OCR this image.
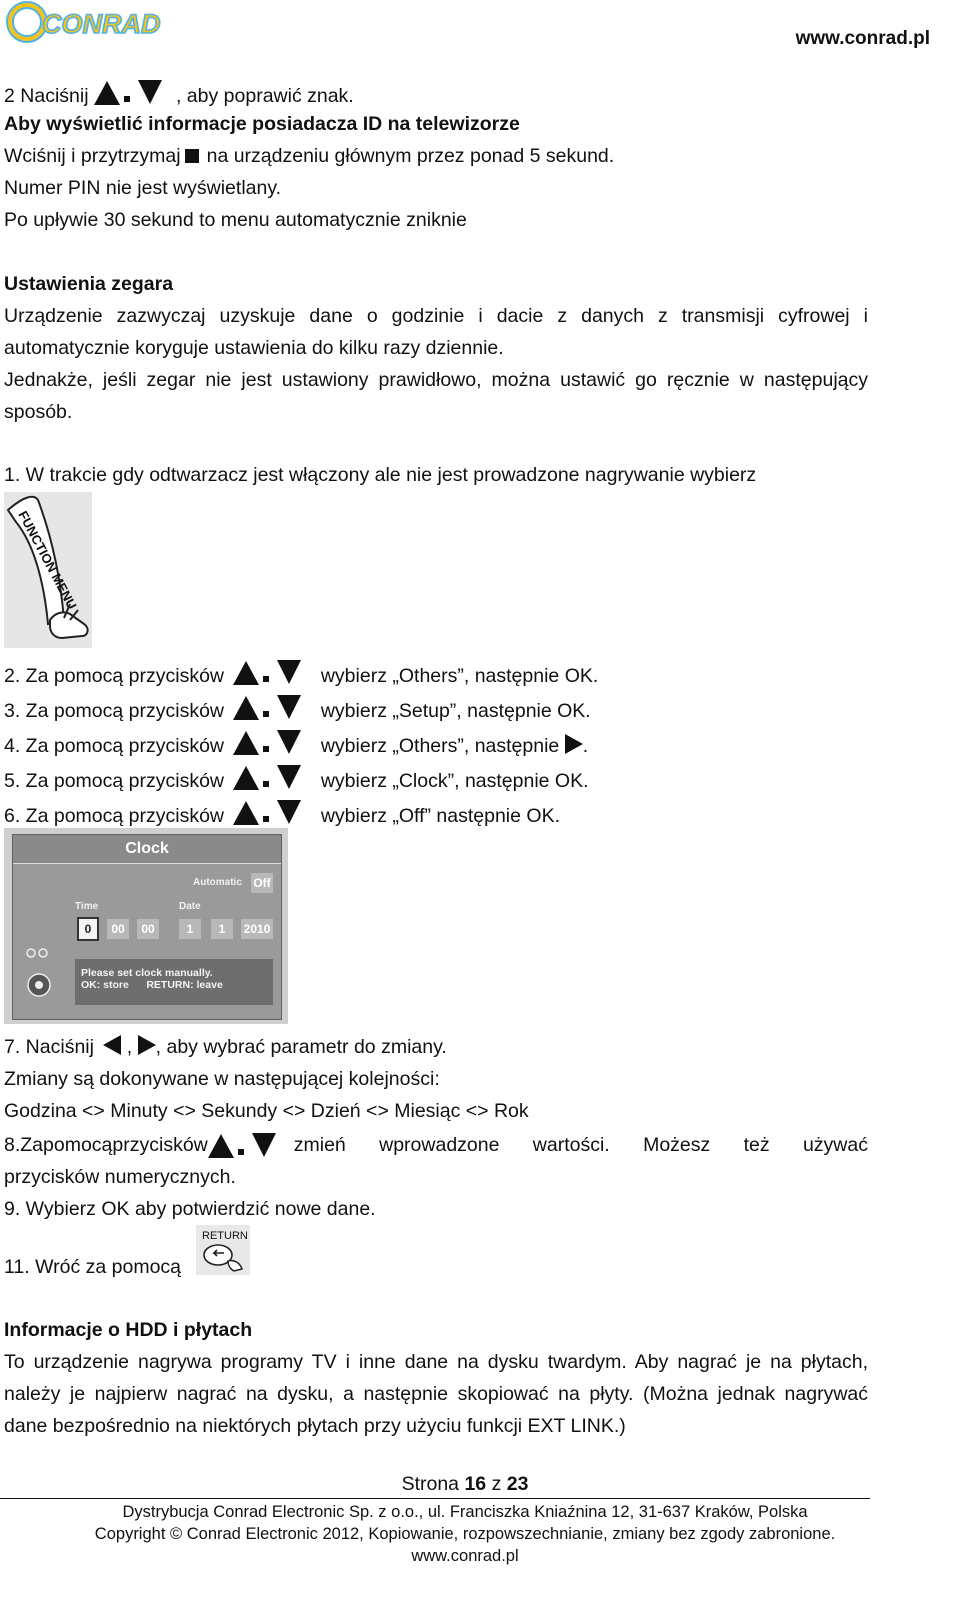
CONRAD	www.conrad.pl
2 Naciśnij	, aby poprawić znak.
Aby wyświetlić informacje posiadacza ID na telewizorze
Wciśnij i przytrzymaj na urządzeniu głównym przez ponad 5 sekund.
Numer PIN nie jest wyświetlany.
Po upływie 30 sekund to menu automatycznie zniknie
Ustawienia zegara
Urządzenie zazwyczaj uzyskuje dane o godzinie i dacie z danych z transmisji cyfrowej i
automatycznie koryguje ustawienia do kilku razy dziennie.
Jednakże, jeśli zegar nie jest ustawiony prawidłowo, można ustawić go ręcznie w następujący
sposób.
1. W trakcie gdy odtwarzacz jest włączony ale nie jest prowadzone nagrywanie wybierz
FUNCTION MENU
2. Za pomocą przycisków	wybierz „Others”, następnie OK.
3. Za pomocą przycisków	wybierz „Setup”, następnie OK.
4. Za pomocą przycisków	wybierz „Others”, następnie .
5. Za pomocą przycisków	wybierz „Clock”, następnie OK.
6. Za pomocą przycisków	wybierz „Off” następnie OK.
Clock
Automatic Off
Time	Date
0	00	00	1	1	2010
Please set clock manually.
OK: store      RETURN: leave
7. Naciśnij , , aby wybrać parametr do zmiany.
Zmiany są dokonywane w następującej kolejności:
Godzina <> Minuty <> Sekundy <> Dzień <> Miesiąc <> Rok
8. Za pomocą przycisków	zmień wprowadzone wartości. Możesz też używać
przycisków numerycznych.
9. Wybierz OK aby potwierdzić nowe dane.
11. Wróć za pomocą
RETURN
Informacje o HDD i płytach
To urządzenie nagrywa programy TV i inne dane na dysku twardym. Aby nagrać je na płytach,
należy je najpierw nagrać na dysku, a następnie skopiować na płyty. (Można jednak nagrywać
dane bezpośrednio na niektórych płytach przy użyciu funkcji EXT LINK.)
Strona 16 z 23
Dystrybucja Conrad Electronic Sp. z o.o., ul. Franciszka Kniaźnina 12, 31-637 Kraków, Polska
Copyright © Conrad Electronic 2012, Kopiowanie, rozpowszechnianie, zmiany bez zgody zabronione.
www.conrad.pl
